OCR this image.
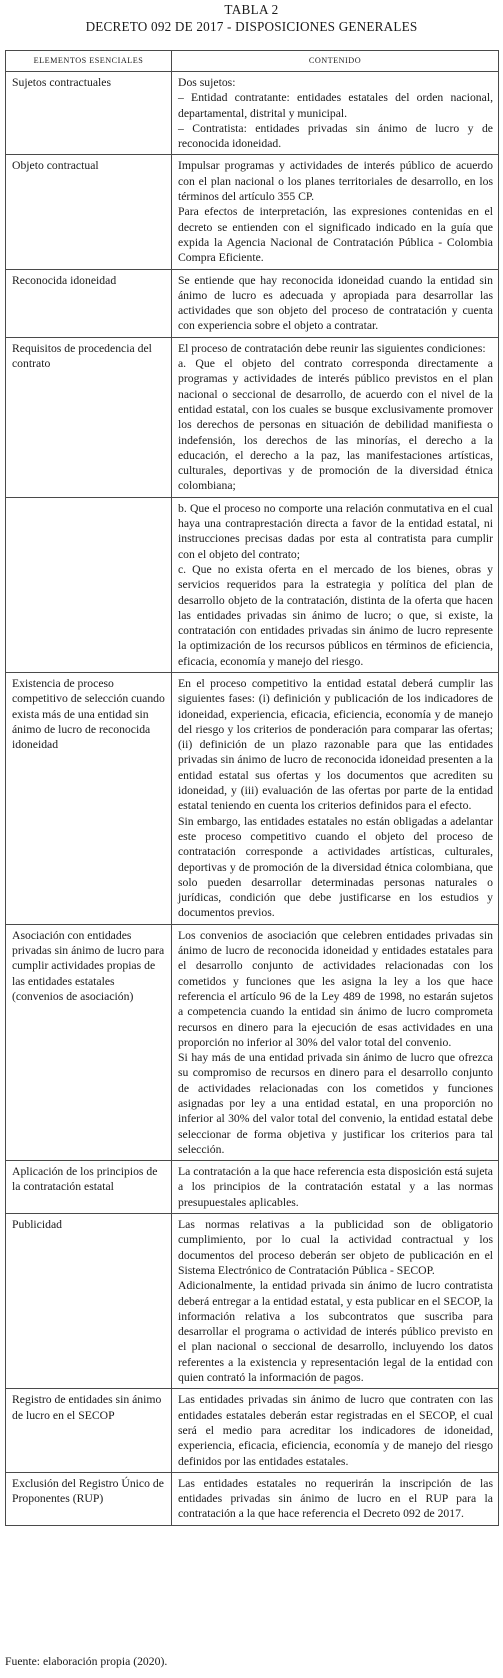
TABLA 2
DECRETO 092 DE 2017 - DISPOSICIONES GENERALES
ELEMENTOS ESENCIALES	CONTENIDO
Sujetos contractuales	Dos sujetos:
– Entidad contratante: entidades estatales del orden nacional, departamental, distrital y municipal.
– Contratista: entidades privadas sin ánimo de lucro y de reconocida idoneidad.

Objeto contractual	Impulsar programas y actividades de interés público de acuerdo con el plan nacional o los planes territoriales de desarrollo, en los términos del artículo 355 CP.
Para efectos de interpretación, las expresiones contenidas en el decreto se entienden con el significado indicado en la guía que expida la Agencia Nacional de Contratación Pública - Colombia Compra Eficiente.

Reconocida idoneidad	Se entiende que hay reconocida idoneidad cuando la entidad sin ánimo de lucro es adecuada y apropiada para desarrollar las actividades que son objeto del proceso de contratación y cuenta con experiencia sobre el objeto a contratar.

Requisitos de procedencia del contrato	El proceso de contratación debe reunir las siguientes condiciones:
a. Que el objeto del contrato corresponda directamente a programas y actividades de interés público previstos en el plan nacional o seccional de desarrollo, de acuerdo con el nivel de la entidad estatal, con los cuales se busque exclusivamente promover los derechos de personas en situación de debilidad manifiesta o indefensión, los derechos de las minorías, el derecho a la educación, el derecho a la paz, las manifestaciones artísticas, culturales, deportivas y de promoción de la diversidad étnica colombiana;

	b. Que el proceso no comporte una relación conmutativa en el cual haya una contraprestación directa a favor de la entidad estatal, ni instrucciones precisas dadas por esta al contratista para cumplir con el objeto del contrato;
c. Que no exista oferta en el mercado de los bienes, obras y servicios requeridos para la estrategia y política del plan de desarrollo objeto de la contratación, distinta de la oferta que hacen las entidades privadas sin ánimo de lucro; o que, si existe, la contratación con entidades privadas sin ánimo de lucro represente la optimización de los recursos públicos en términos de eficiencia, eficacia, economía y manejo del riesgo.

Existencia de proceso competitivo de selección cuando exista más de una entidad sin ánimo de lucro de reconocida idoneidad	En el proceso competitivo la entidad estatal deberá cumplir las siguientes fases: (i) definición y publicación de los indicadores de idoneidad, experiencia, eficacia, eficiencia, economía y de manejo del riesgo y los criterios de ponderación para comparar las ofertas; (ii) definición de un plazo razonable para que las entidades privadas sin ánimo de lucro de reconocida idoneidad presenten a la entidad estatal sus ofertas y los documentos que acrediten su idoneidad, y (iii) evaluación de las ofertas por parte de la entidad estatal teniendo en cuenta los criterios definidos para el efecto.
Sin embargo, las entidades estatales no están obligadas a adelantar este proceso competitivo cuando el objeto del proceso de contratación corresponde a actividades artísticas, culturales, deportivas y de promoción de la diversidad étnica colombiana, que solo pueden desarrollar determinadas personas naturales o jurídicas, condición que debe justificarse en los estudios y documentos previos.

Asociación con entidades privadas sin ánimo de lucro para cumplir actividades propias de las entidades estatales (convenios de asociación)	Los convenios de asociación que celebren entidades privadas sin ánimo de lucro de reconocida idoneidad y entidades estatales para el desarrollo conjunto de actividades relacionadas con los cometidos y funciones que les asigna la ley a los que hace referencia el artículo 96 de la Ley 489 de 1998, no estarán sujetos a competencia cuando la entidad sin ánimo de lucro comprometa recursos en dinero para la ejecución de esas actividades en una proporción no inferior al 30% del valor total del convenio.
Si hay más de una entidad privada sin ánimo de lucro que ofrezca su compromiso de recursos en dinero para el desarrollo conjunto de actividades relacionadas con los cometidos y funciones asignadas por ley a una entidad estatal, en una proporción no inferior al 30% del valor total del convenio, la entidad estatal debe seleccionar de forma objetiva y justificar los criterios para tal selección.

Aplicación de los principios de la contratación estatal	La contratación a la que hace referencia esta disposición está sujeta a los principios de la contratación estatal y a las normas presupuestales aplicables.

Publicidad	Las normas relativas a la publicidad son de obligatorio cumplimiento, por lo cual la actividad contractual y los documentos del proceso deberán ser objeto de publicación en el Sistema Electrónico de Contratación Pública - SECOP.
Adicionalmente, la entidad privada sin ánimo de lucro contratista deberá entregar a la entidad estatal, y esta publicar en el SECOP, la información relativa a los subcontratos que suscriba para desarrollar el programa o actividad de interés público previsto en el plan nacional o seccional de desarrollo, incluyendo los datos referentes a la existencia y representación legal de la entidad con quien contrató la información de pagos.

Registro de entidades sin ánimo de lucro en el SECOP	Las entidades privadas sin ánimo de lucro que contraten con las entidades estatales deberán estar registradas en el SECOP, el cual será el medio para acreditar los indicadores de idoneidad, experiencia, eficacia, eficiencia, economía y de manejo del riesgo definidos por las entidades estatales.

Exclusión del Registro Único de Proponentes (RUP)	Las entidades estatales no requerirán la inscripción de las entidades privadas sin ánimo de lucro en el RUP para la contratación a la que hace referencia el Decreto 092 de 2017.
Fuente: elaboración propia (2020).
